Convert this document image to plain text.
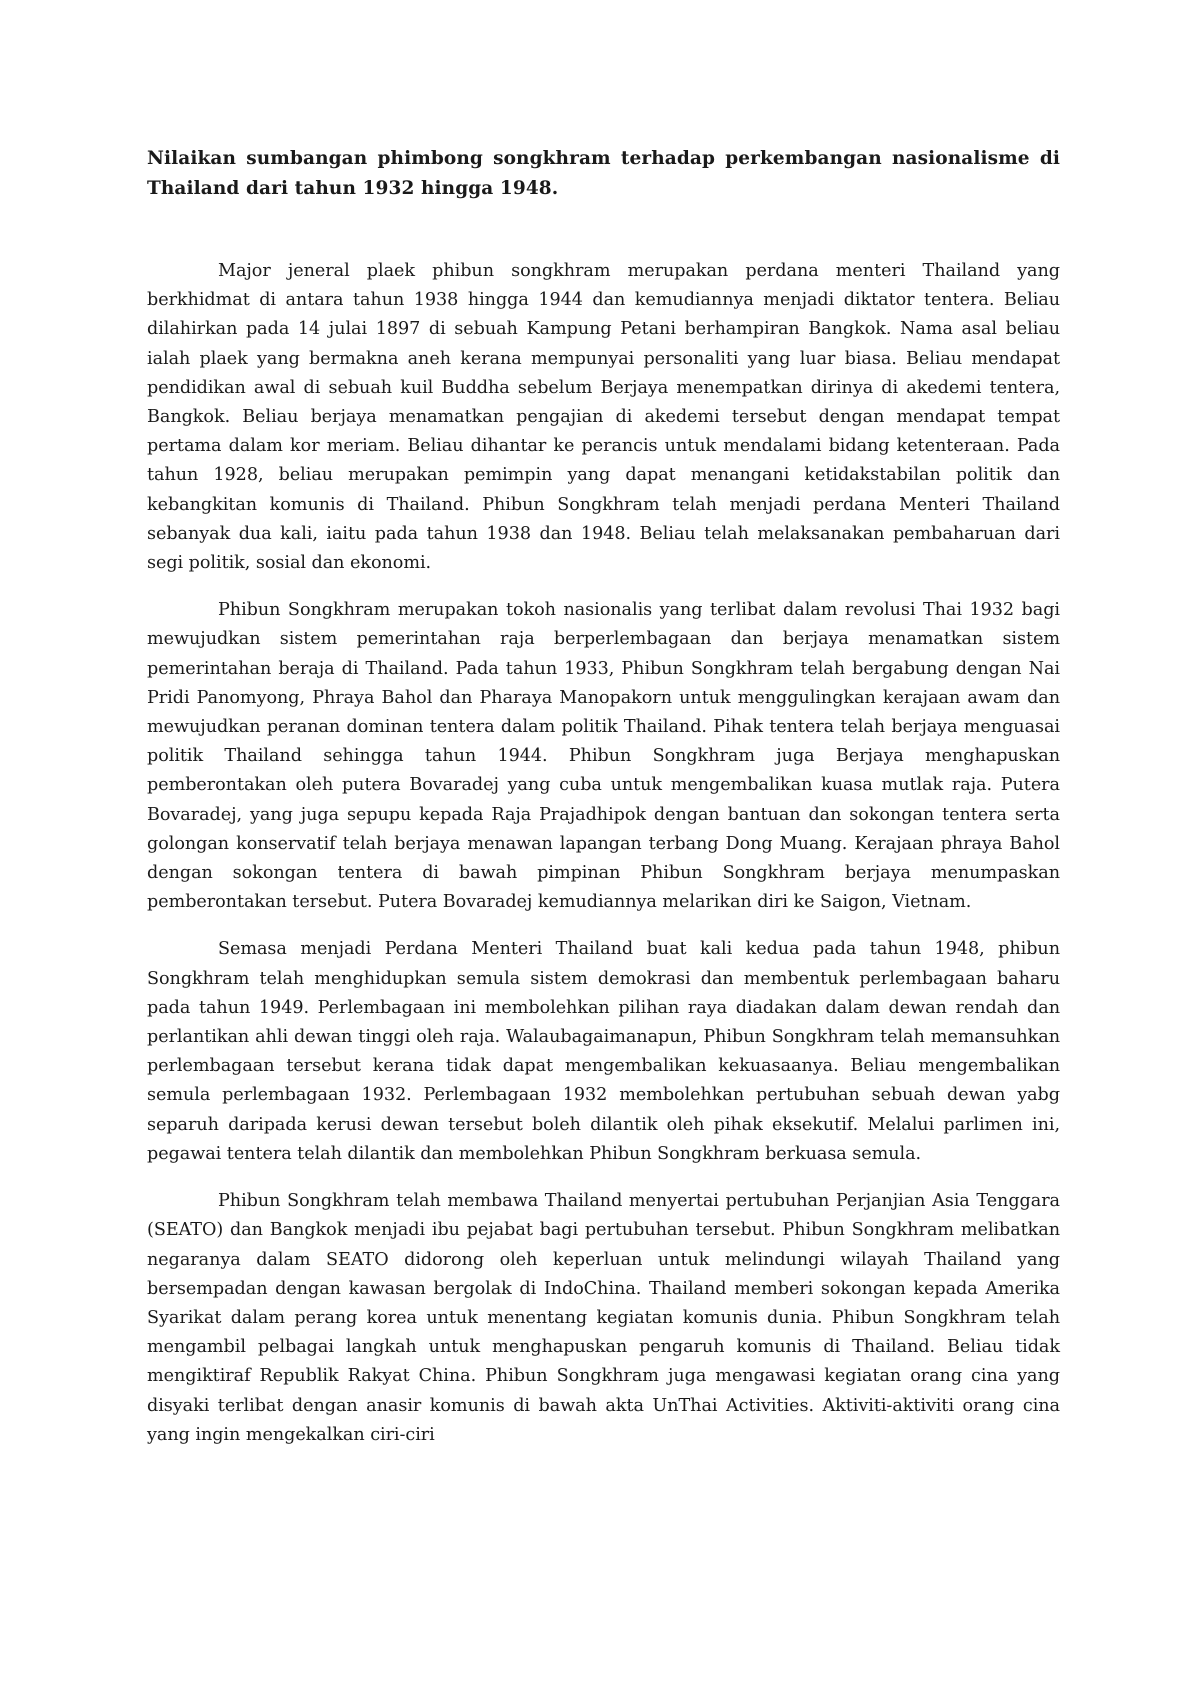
Nilaikan sumbangan phimbong songkhram terhadap perkembangan nasionalisme di Thailand dari tahun 1932 hingga 1948.

Major jeneral plaek phibun songkhram merupakan perdana menteri Thailand yang berkhidmat di antara tahun 1938 hingga 1944 dan kemudiannya menjadi diktator tentera. Beliau dilahirkan pada 14 julai 1897 di sebuah Kampung Petani berhampiran Bangkok. Nama asal beliau ialah plaek yang bermakna aneh kerana mempunyai personaliti yang luar biasa. Beliau mendapat pendidikan awal di sebuah kuil Buddha sebelum Berjaya menempatkan dirinya di akedemi tentera, Bangkok. Beliau berjaya menamatkan pengajian di akedemi tersebut dengan mendapat tempat pertama dalam kor meriam. Beliau dihantar ke perancis untuk mendalami bidang ketenteraan. Pada tahun 1928, beliau merupakan pemimpin yang dapat menangani ketidakstabilan politik dan kebangkitan komunis di Thailand. Phibun Songkhram telah menjadi perdana Menteri Thailand sebanyak dua kali, iaitu pada tahun 1938 dan 1948. Beliau telah melaksanakan pembaharuan dari segi politik, sosial dan ekonomi.

Phibun Songkhram merupakan tokoh nasionalis yang terlibat dalam revolusi Thai 1932 bagi mewujudkan sistem pemerintahan raja berperlembagaan dan berjaya menamatkan sistem pemerintahan beraja di Thailand. Pada tahun 1933, Phibun Songkhram telah bergabung dengan Nai Pridi Panomyong, Phraya Bahol dan Pharaya Manopakorn untuk menggulingkan kerajaan awam dan mewujudkan peranan dominan tentera dalam politik Thailand. Pihak tentera telah berjaya menguasai politik Thailand sehingga tahun 1944. Phibun Songkhram juga Berjaya menghapuskan pemberontakan oleh putera Bovaradej yang cuba untuk mengembalikan kuasa mutlak raja. Putera Bovaradej, yang juga sepupu kepada Raja Prajadhipok dengan bantuan dan sokongan tentera serta golongan konservatif telah berjaya menawan lapangan terbang Dong Muang. Kerajaan phraya Bahol dengan sokongan tentera di bawah pimpinan Phibun Songkhram berjaya menumpaskan pemberontakan tersebut. Putera Bovaradej kemudiannya melarikan diri ke Saigon, Vietnam.

Semasa menjadi Perdana Menteri Thailand buat kali kedua pada tahun 1948, phibun Songkhram telah menghidupkan semula sistem demokrasi dan membentuk perlembagaan baharu pada tahun 1949. Perlembagaan ini membolehkan pilihan raya diadakan dalam dewan rendah dan perlantikan ahli dewan tinggi oleh raja. Walaubagaimanapun, Phibun Songkhram telah memansuhkan perlembagaan tersebut kerana tidak dapat mengembalikan kekuasaanya. Beliau mengembalikan semula perlembagaan 1932. Perlembagaan 1932 membolehkan pertubuhan sebuah dewan yabg separuh daripada kerusi dewan tersebut boleh dilantik oleh pihak eksekutif. Melalui parlimen ini, pegawai tentera telah dilantik dan membolehkan Phibun Songkhram berkuasa semula.

Phibun Songkhram telah membawa Thailand menyertai pertubuhan Perjanjian Asia Tenggara (SEATO) dan Bangkok menjadi ibu pejabat bagi pertubuhan tersebut. Phibun Songkhram melibatkan negaranya dalam SEATO didorong oleh keperluan untuk melindungi wilayah Thailand yang bersempadan dengan kawasan bergolak di IndoChina. Thailand memberi sokongan kepada Amerika Syarikat dalam perang korea untuk menentang kegiatan komunis dunia. Phibun Songkhram telah mengambil pelbagai langkah untuk menghapuskan pengaruh komunis di Thailand. Beliau tidak mengiktiraf Republik Rakyat China. Phibun Songkhram juga mengawasi kegiatan orang cina yang disyaki terlibat dengan anasir komunis di bawah akta UnThai Activities. Aktiviti-aktiviti orang cina yang ingin mengekalkan ciri-ciri
